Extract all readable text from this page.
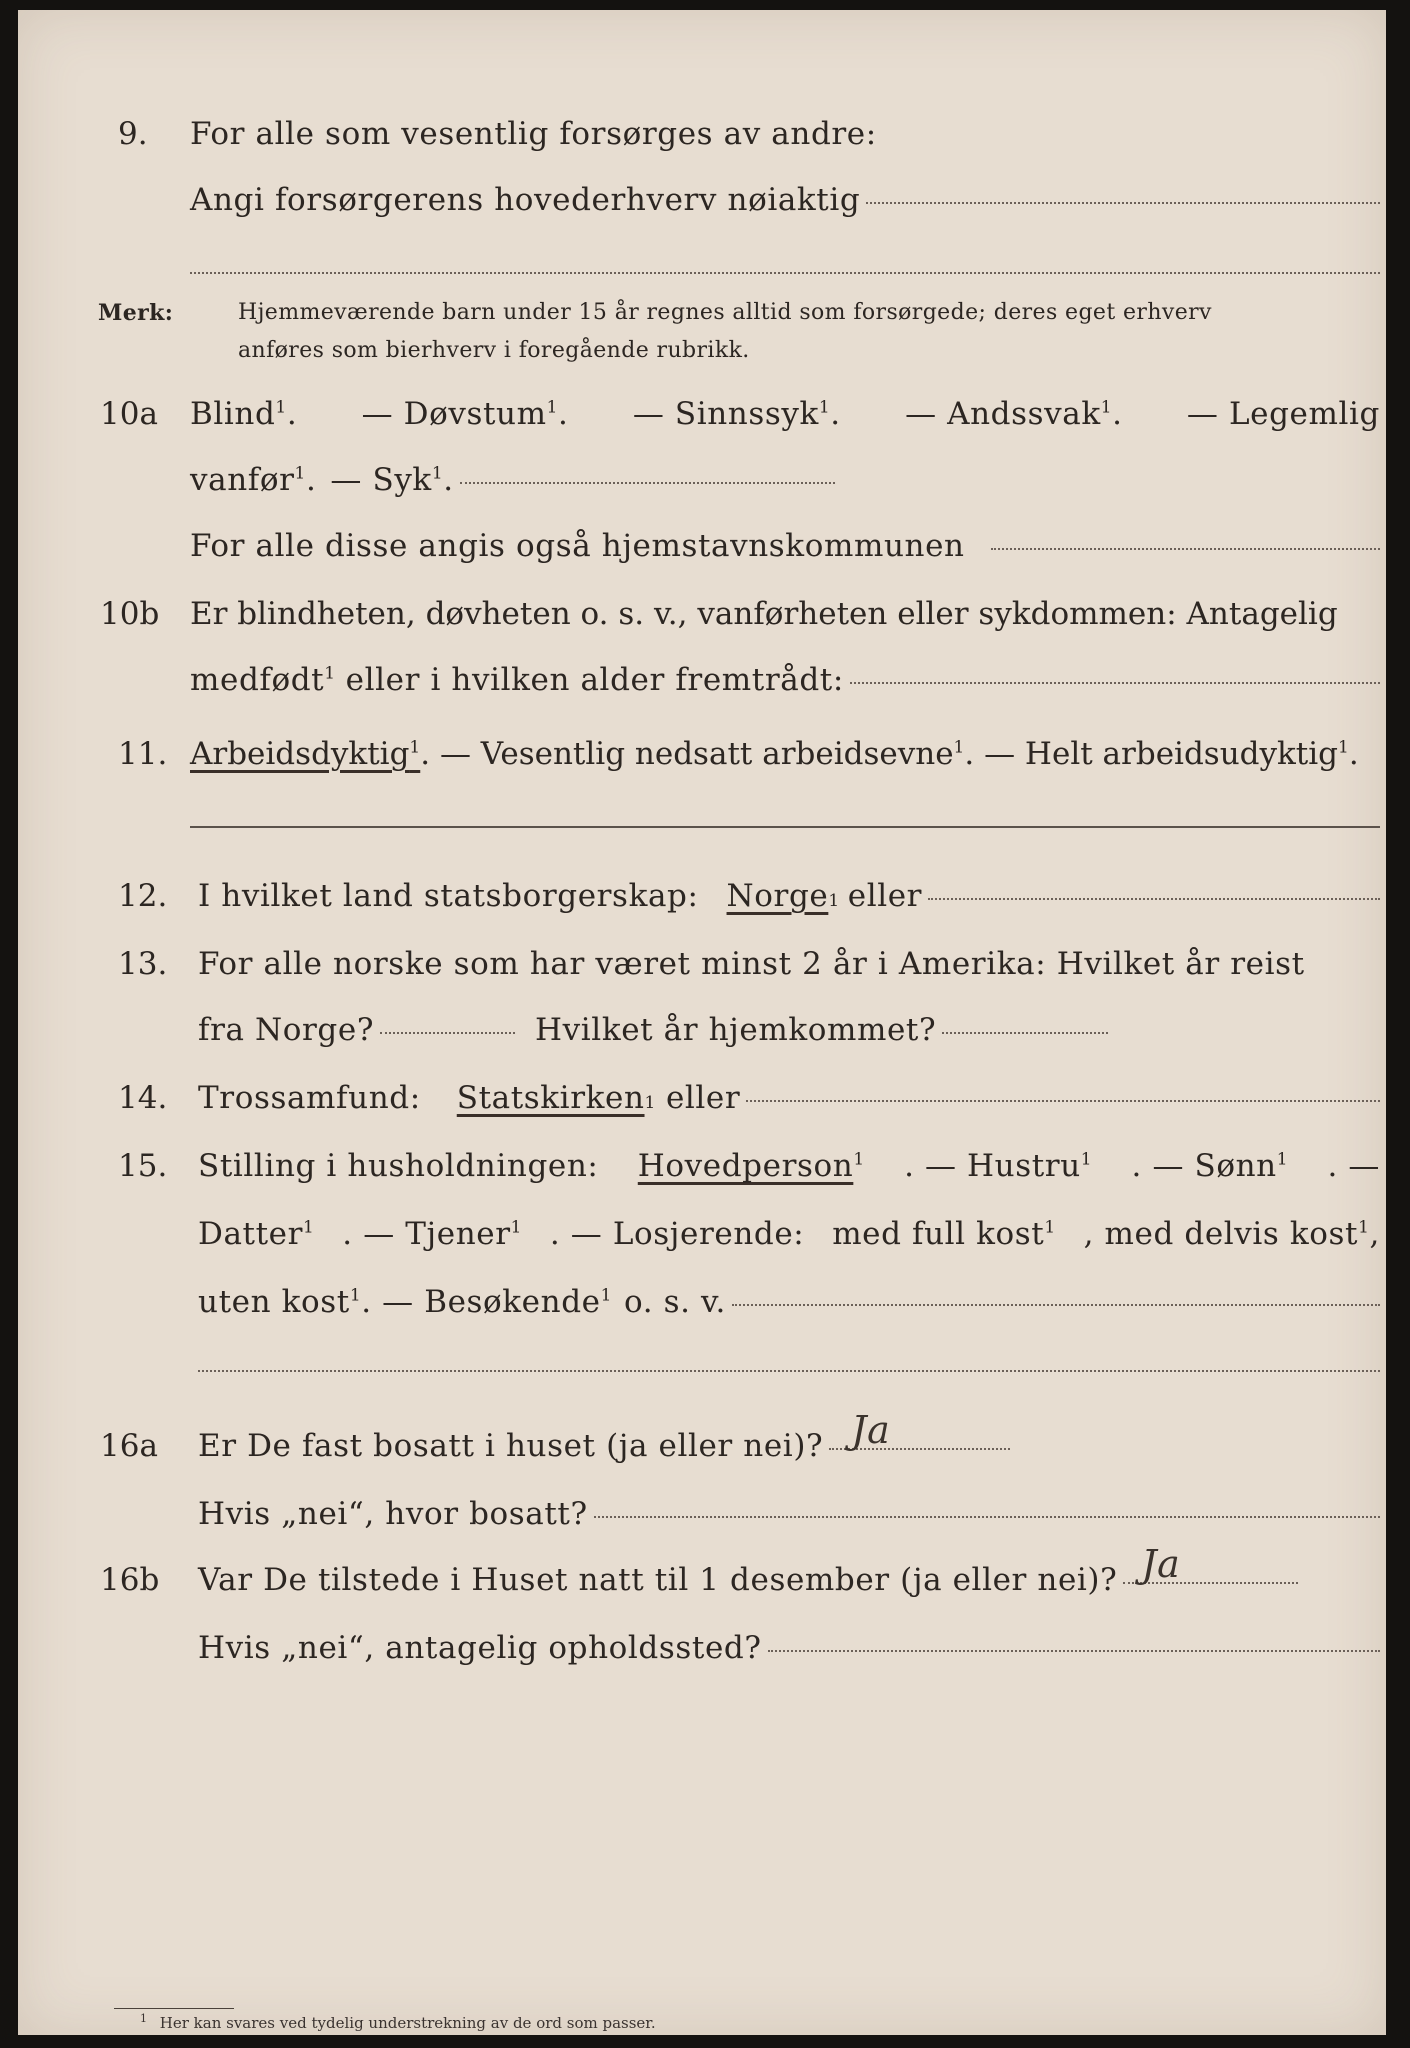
9. For alle som vesentlig forsørges av andre:
Angi forsørgerens hovederhverv nøiaktig
Merk:	Hjemmeværende barn under 15 år regnes alltid som forsørgede; deres eget erhverv
anføres som bierhverv i foregående rubrikk.
10a Blind$^1$. — Døvstum$^1$. — Sinnssyk$^1$. — Andssvak$^1$. — Legemlig
vanfør$^1$. — Syk$^1$.
For alle disse angis også hjemstavnskommunen
10b Er blindheten, døvheten o. s. v., vanførheten eller sykdommen: Antagelig
medfødt$^1$ eller i hvilken alder fremtrådt:
11. Arbeidsdyktig$^1$ . — Vesentlig nedsatt arbeidsevne$^1$ . — Helt arbeidsudyktig$^1$.
12. I hvilket land statsborgerskap: Norge 1 eller
13. For alle norske som har været minst 2 år i Amerika: Hvilket år reist
fra Norge?	Hvilket år hjemkommet?
14. Trossamfund: Statskirken 1 eller
15. Stilling i husholdningen: Hovedperson$^1$ . — Hustru$^1$ . — Sønn$^1$ . —
Datter$^1$ . — Tjener$^1$ . — Losjerende: med full kost$^1$ , med delvis kost$^1$,
uten kost$^1$ . — Besøkende$^1$ o. s. v.
16a Er De fast bosatt i huset (ja eller nei)? Ja
Hvis „nei“, hvor bosatt?
16b Var De tilstede i Huset natt til 1 desember (ja eller nei)? Ja
Hvis „nei“, antagelig opholdssted?
$^1$ Her kan svares ved tydelig understrekning av de ord som passer.
